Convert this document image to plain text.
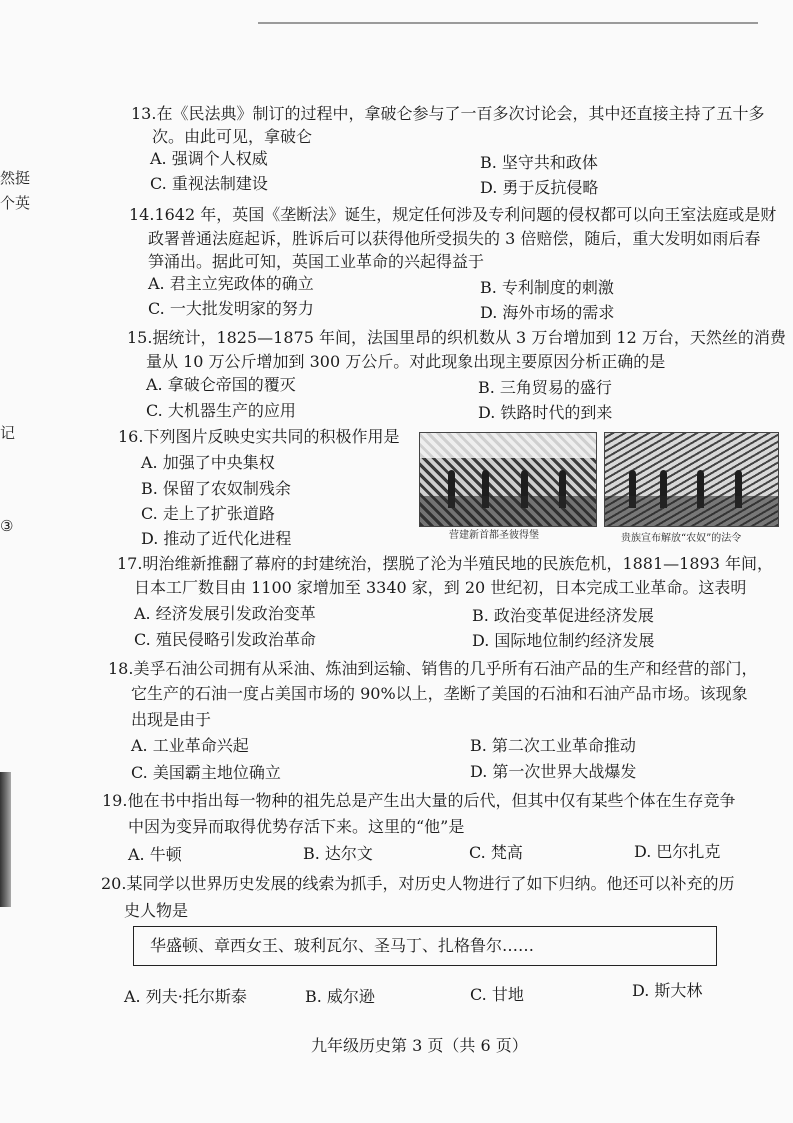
然挺
个英
记
③
13.在《民法典》制订的过程中，拿破仑参与了一百多次讨论会，其中还直接主持了五十多
次。由此可见，拿破仑
A. 强调个人权威	B. 坚守共和政体
C. 重视法制建设	D. 勇于反抗侵略
14.1642 年，英国《垄断法》诞生，规定任何涉及专利问题的侵权都可以向王室法庭或是财
政署普通法庭起诉，胜诉后可以获得他所受损失的 3 倍赔偿，随后，重大发明如雨后春
笋涌出。据此可知，英国工业革命的兴起得益于
A. 君主立宪政体的确立	B. 专利制度的刺激
C. 一大批发明家的努力	D. 海外市场的需求
15.据统计，1825—1875 年间，法国里昂的织机数从 3 万台增加到 12 万台，天然丝的消费
量从 10 万公斤增加到 300 万公斤。对此现象出现主要原因分析正确的是
A. 拿破仑帝国的覆灭	B. 三角贸易的盛行
C. 大机器生产的应用	D. 铁路时代的到来
16.下列图片反映史实共同的积极作用是
A. 加强了中央集权
B. 保留了农奴制残余
C. 走上了扩张道路
D. 推动了近代化进程	营建新首都圣彼得堡	贵族宣布解放“农奴”的法令
17.明治维新推翻了幕府的封建统治，摆脱了沦为半殖民地的民族危机，1881—1893 年间，
日本工厂数目由 1100 家增加至 3340 家，到 20 世纪初，日本完成工业革命。这表明
A. 经济发展引发政治变革	B. 政治变革促进经济发展
C. 殖民侵略引发政治革命	D. 国际地位制约经济发展
18.美孚石油公司拥有从采油、炼油到运输、销售的几乎所有石油产品的生产和经营的部门，
它生产的石油一度占美国市场的 90%以上，垄断了美国的石油和石油产品市场。该现象
出现是由于
A. 工业革命兴起	B. 第二次工业革命推动
C. 美国霸主地位确立	D. 第一次世界大战爆发
19.他在书中指出每一物种的祖先总是产生出大量的后代，但其中仅有某些个体在生存竞争
中因为变异而取得优势存活下来。这里的“他”是
A. 牛顿	B. 达尔文	C. 梵高	D. 巴尔扎克
20.某同学以世界历史发展的线索为抓手，对历史人物进行了如下归纳。他还可以补充的历
史人物是
华盛顿、章西女王、玻利瓦尔、圣马丁、扎格鲁尔……
A. 列夫·托尔斯泰	B. 威尔逊	C. 甘地	D. 斯大林
九年级历史第 3 页（共 6 页）
